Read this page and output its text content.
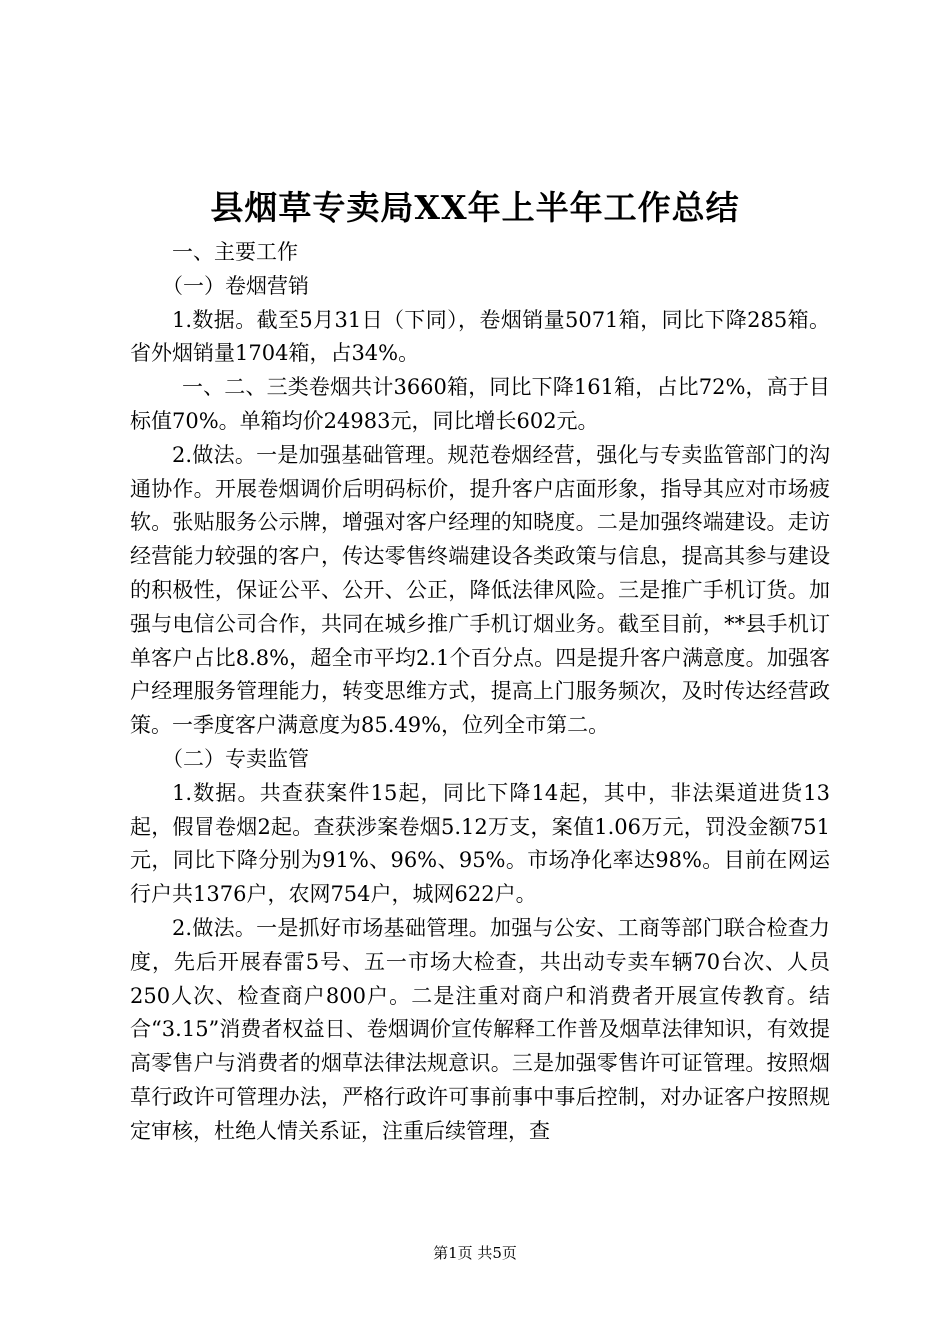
县烟草专卖局XX年上半年工作总结

一、主要工作

（一）卷烟营销

1.数据。截至5月31日（下同），卷烟销量5071箱，同比下降285箱。省外烟销量1704箱，占34%。

一、二、三类卷烟共计3660箱，同比下降161箱，占比72%，高于目标值70%。单箱均价24983元，同比增长602元。

2.做法。一是加强基础管理。规范卷烟经营，强化与专卖监管部门的沟通协作。开展卷烟调价后明码标价，提升客户店面形象，指导其应对市场疲软。张贴服务公示牌，增强对客户经理的知晓度。二是加强终端建设。走访经营能力较强的客户，传达零售终端建设各类政策与信息，提高其参与建设的积极性，保证公平、公开、公正，降低法律风险。三是推广手机订货。加强与电信公司合作，共同在城乡推广手机订烟业务。截至目前，**县手机订单客户占比8.8%，超全市平均2.1个百分点。四是提升客户满意度。加强客户经理服务管理能力，转变思维方式，提高上门服务频次，及时传达经营政策。一季度客户满意度为85.49%，位列全市第二。

（二）专卖监管

1.数据。共查获案件15起，同比下降14起，其中，非法渠道进货13起，假冒卷烟2起。查获涉案卷烟5.12万支，案值1.06万元，罚没金额751元，同比下降分别为91%、96%、95%。市场净化率达98%。目前在网运行户共1376户，农网754户，城网622户。

2.做法。一是抓好市场基础管理。加强与公安、工商等部门联合检查力度，先后开展春雷5号、五一市场大检查，共出动专卖车辆70台次、人员250人次、检查商户800户。二是注重对商户和消费者开展宣传教育。结合“3.15”消费者权益日、卷烟调价宣传解释工作普及烟草法律知识，有效提高零售户与消费者的烟草法律法规意识。三是加强零售许可证管理。按照烟草行政许可管理办法，严格行政许可事前事中事后控制，对办证客户按照规定审核，杜绝人情关系证，注重后续管理，查

第1页 共5页
